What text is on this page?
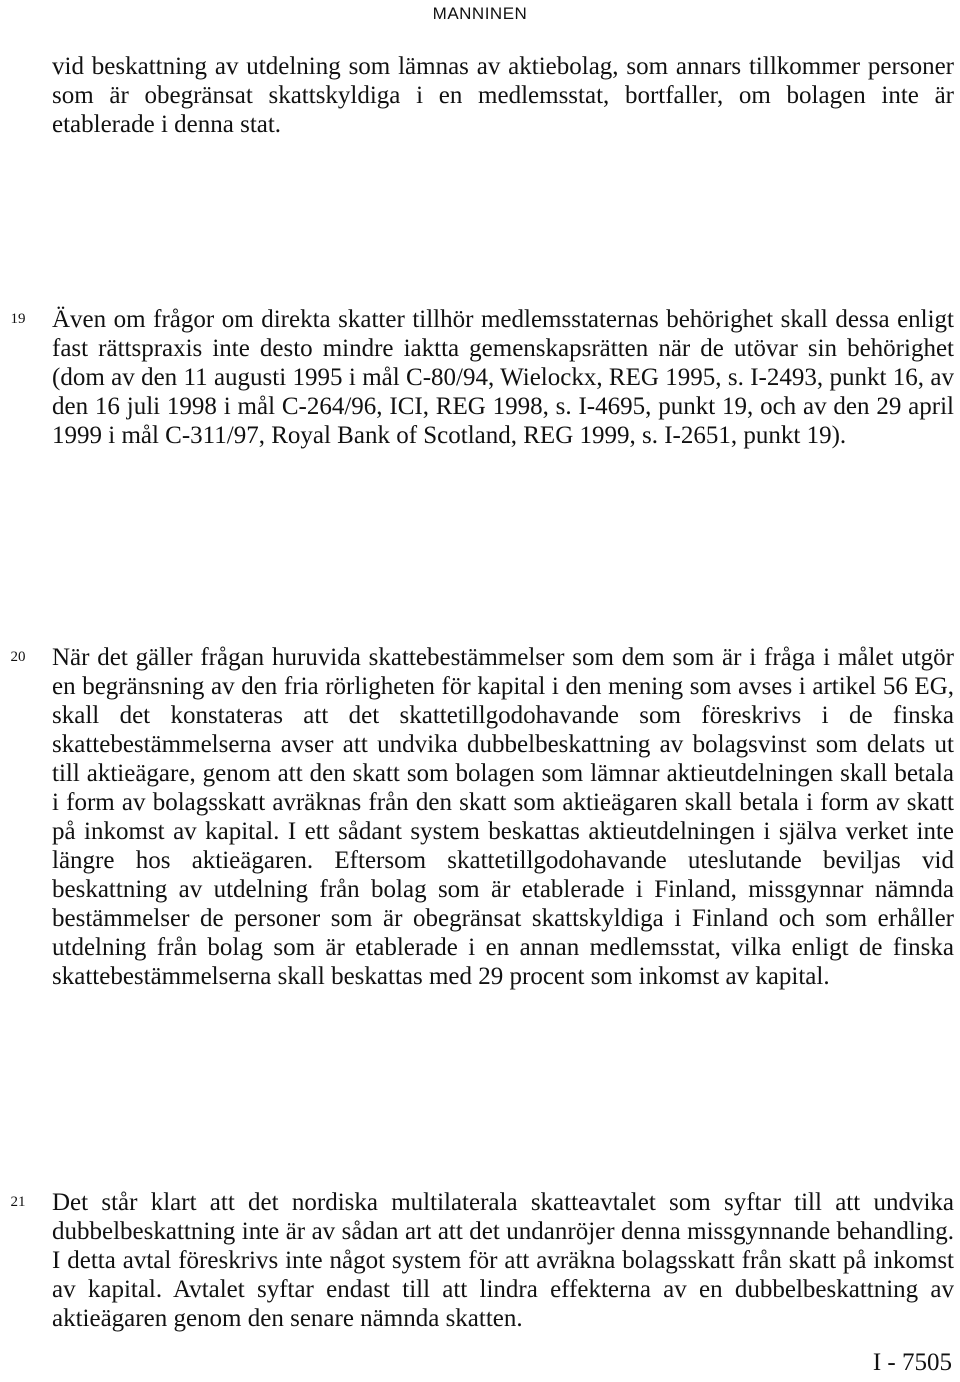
MANNINEN

vid beskattning av utdelning som lämnas av aktiebolag, som annars tillkommer personer som är obegränsat skattskyldiga i en medlemsstat, bortfaller, om bolagen inte är etablerade i denna stat.

19	Även om frågor om direkta skatter tillhör medlemsstaternas behörighet skall dessa enligt fast rättspraxis inte desto mindre iaktta gemenskapsrätten när de utövar sin behörighet (dom av den 11 augusti 1995 i mål C-80/94, Wielockx, REG 1995, s. I-2493, punkt 16, av den 16 juli 1998 i mål C-264/96, ICI, REG 1998, s. I-4695, punkt 19, och av den 29 april 1999 i mål C-311/97, Royal Bank of Scotland, REG 1999, s. I-2651, punkt 19).

20	När det gäller frågan huruvida skattebestämmelser som dem som är i fråga i målet utgör en begränsning av den fria rörligheten för kapital i den mening som avses i artikel 56 EG, skall det konstateras att det skattetillgodohavande som föreskrivs i de finska skattebestämmelserna avser att undvika dubbelbeskattning av bolagsvinst som delats ut till aktieägare, genom att den skatt som bolagen som lämnar aktieutdelningen skall betala i form av bolagsskatt avräknas från den skatt som aktieägaren skall betala i form av skatt på inkomst av kapital. I ett sådant system beskattas aktieutdelningen i själva verket inte längre hos aktieägaren. Eftersom skattetillgodohavande uteslutande beviljas vid beskattning av utdelning från bolag som är etablerade i Finland, missgynnar nämnda bestämmelser de personer som är obegränsat skattskyldiga i Finland och som erhåller utdelning från bolag som är etablerade i en annan medlemsstat, vilka enligt de finska skattebestämmelserna skall beskattas med 29 procent som inkomst av kapital.

21	Det står klart att det nordiska multilaterala skatteavtalet som syftar till att undvika dubbelbeskattning inte är av sådan art att det undanröjer denna missgynnande behandling. I detta avtal föreskrivs inte något system för att avräkna bolagsskatt från skatt på inkomst av kapital. Avtalet syftar endast till att lindra effekterna av en dubbelbeskattning av aktieägaren genom den senare nämnda skatten.

I - 7505
